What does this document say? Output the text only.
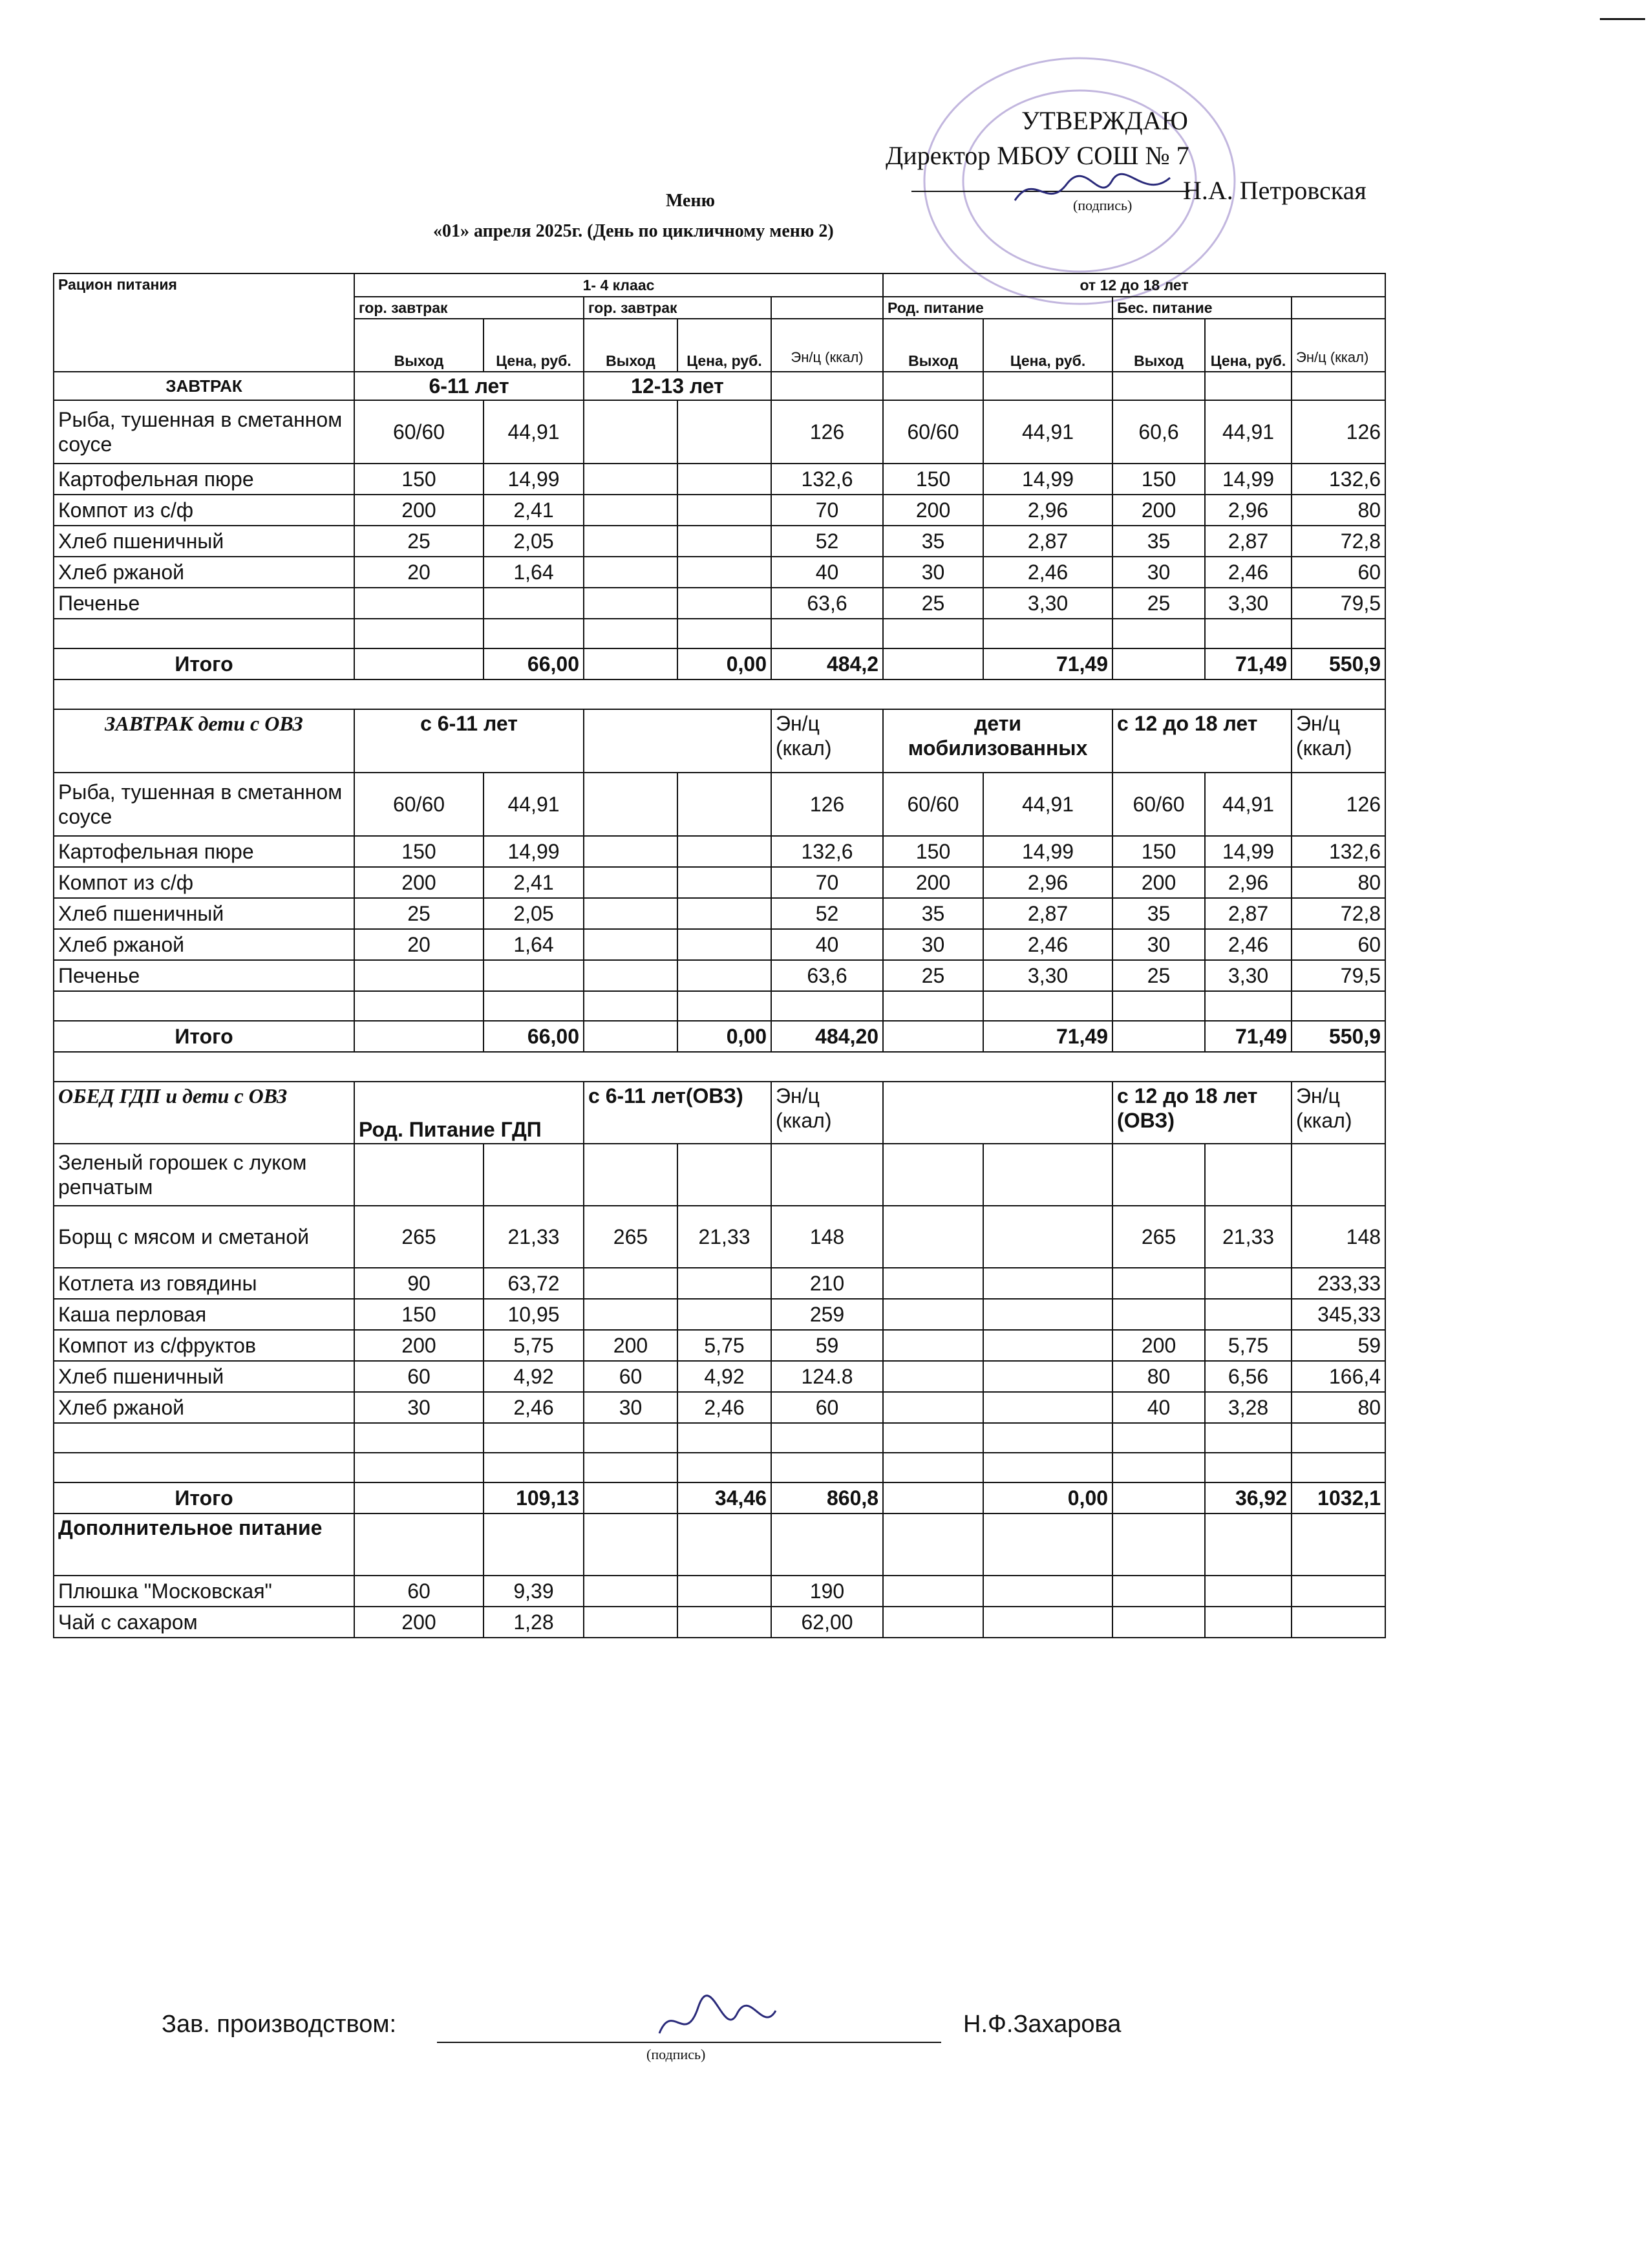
УТВЕРЖДАЮ
Директор МБОУ СОШ № 7
Н.А. Петровская
(подпись)
Меню
«01» апреля 2025г. (День по цикличному меню 2)
Рацион питания	1- 4 клаас					от 12 до 18 лет				
	гор. завтрак		гор. завтрак			Род. питание		Бес. питание		
	Выход	Цена, руб.	Выход	Цена, руб.	Эн/ц (ккал)	Выход	Цена, руб.	Выход	Цена, руб.	Эн/ц (ккал)
ЗАВТРАК	6-11 лет		12-13 лет							
Рыба, тушенная в сметанном соусе	60/60	44,91			126	60/60	44,91	60,6	44,91	126
Картофельная пюре	150	14,99			132,6	150	14,99	150	14,99	132,6
Компот из с/ф	200	2,41			70	200	2,96	200	2,96	80
Хлеб пшеничный	25	2,05			52	35	2,87	35	2,87	72,8
Хлеб ржаной	20	1,64			40	30	2,46	30	2,46	60
Печенье					63,6	25	3,30	25	3,30	79,5

Итого		66,00		0,00	484,2		71,49		71,49	550,9

ЗАВТРАК дети с ОВЗ	с 6-11 лет				Эн/ц (ккал)	дети мобилизованных		с 12 до 18 лет		Эн/ц (ккал)
Рыба, тушенная в сметанном соусе	60/60	44,91			126	60/60	44,91	60/60	44,91	126
Картофельная пюре	150	14,99			132,6	150	14,99	150	14,99	132,6
Компот из с/ф	200	2,41			70	200	2,96	200	2,96	80
Хлеб пшеничный	25	2,05			52	35	2,87	35	2,87	72,8
Хлеб ржаной	20	1,64			40	30	2,46	30	2,46	60
Печенье					63,6	25	3,30	25	3,30	79,5

Итого		66,00		0,00	484,20		71,49		71,49	550,9

ОБЕД ГДП и дети с ОВЗ	Род. Питание ГДП		с 6-11 лет(ОВЗ)		Эн/ц (ккал)			с 12 до 18 лет (ОВЗ)		Эн/ц (ккал)
Зеленый горошек с луком репчатым										
Борщ с мясом и сметаной	265	21,33	265	21,33	148			265	21,33	148
Котлета из говядины	90	63,72			210					233,33
Каша перловая	150	10,95			259					345,33
Компот из с/фруктов	200	5,75	200	5,75	59			200	5,75	59
Хлеб пшеничный	60	4,92	60	4,92	124.8			80	6,56	166,4
Хлеб ржаной	30	2,46	30	2,46	60			40	3,28	80

Итого		109,13		34,46	860,8		0,00		36,92	1032,1
Дополнительное питание										
Плюшка "Московская"	60	9,39			190					
Чай с сахаром	200	1,28			62,00					
Зав. производством:
(подпись)
Н.Ф.Захарова
